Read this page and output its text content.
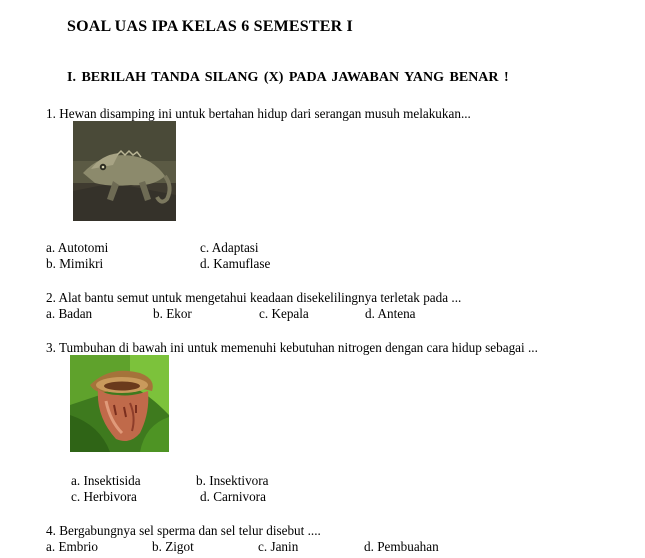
SOAL UAS IPA KELAS 6 SEMESTER I
I. BERILAH TANDA SILANG (X) PADA JAWABAN YANG BENAR !
1. Hewan disamping ini untuk bertahan hidup dari serangan musuh melakukan...
a. Autotomi	c. Adaptasi
b. Mimikri	d. Kamuflase
2. Alat bantu semut untuk mengetahui keadaan disekelilingnya terletak pada ...
a. Badan	b. Ekor	c. Kepala	d. Antena
3. Tumbuhan di bawah ini untuk memenuhi kebutuhan nitrogen dengan cara hidup sebagai ...
a. Insektisida	b. Insektivora
c. Herbivora	d. Carnivora
4. Bergabungnya sel sperma dan sel telur disebut ....
a. Embrio	b. Zigot	c. Janin	d. Pembuahan
